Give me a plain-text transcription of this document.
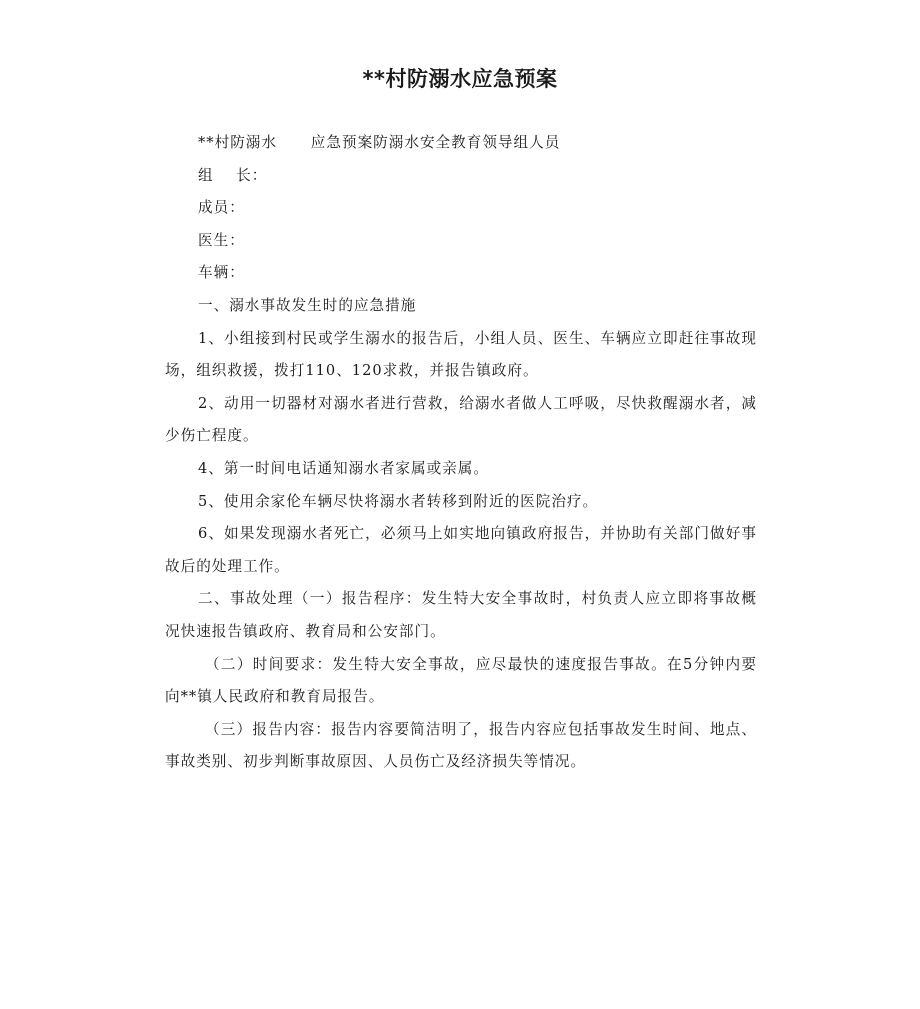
**村防溺水应急预案

**村防溺水      应急预案防溺水安全教育领导组人员

组    长：

成员：

医生：

车辆：

一、溺水事故发生时的应急措施

1、小组接到村民或学生溺水的报告后，小组人员、医生、车辆应立即赶往事故现场，组织救援，拨打110、120求救，并报告镇政府。

2、动用一切器材对溺水者进行营救，给溺水者做人工呼吸，尽快救醒溺水者，减少伤亡程度。

4、第一时间电话通知溺水者家属或亲属。

5、使用余家伦车辆尽快将溺水者转移到附近的医院治疗。

6、如果发现溺水者死亡，必须马上如实地向镇政府报告，并协助有关部门做好事故后的处理工作。

二、事故处理（一）报告程序：发生特大安全事故时，村负责人应立即将事故概况快速报告镇政府、教育局和公安部门。

（二）时间要求：发生特大安全事故，应尽最快的速度报告事故。在5分钟内要向**镇人民政府和教育局报告。

（三）报告内容：报告内容要简洁明了，报告内容应包括事故发生时间、地点、事故类别、初步判断事故原因、人员伤亡及经济损失等情况。
